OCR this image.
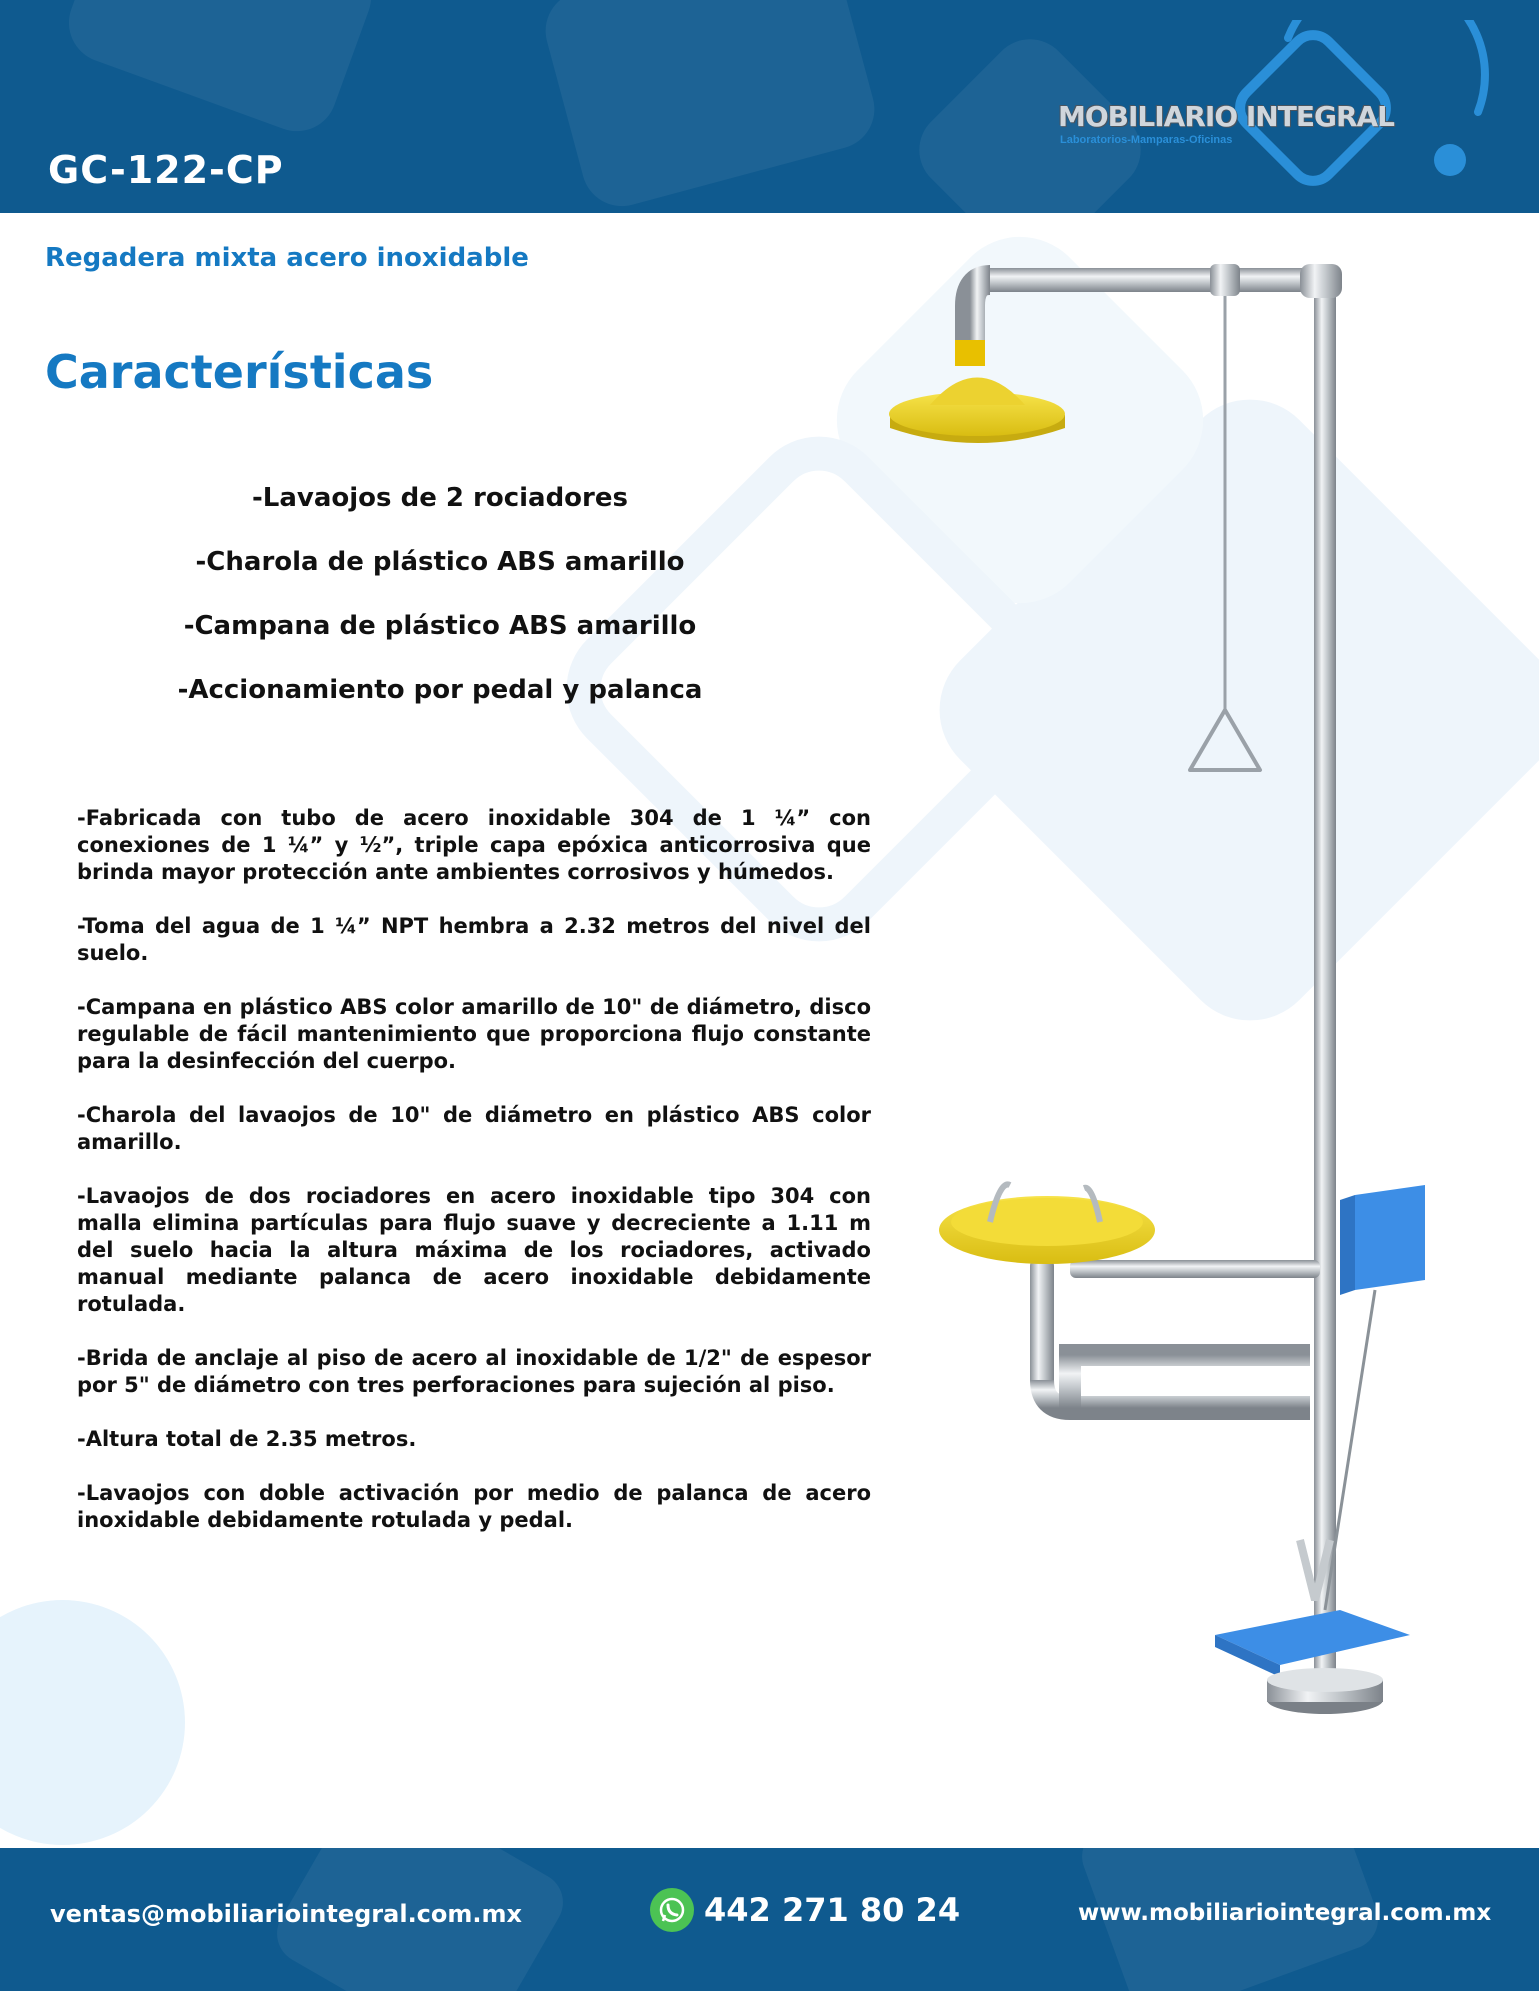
GC-122-CP
MOBILIARIO INTEGRAL
Laboratorios-Mamparas-Oficinas
Regadera mixta acero inoxidable
Características
-Lavaojos de 2 rociadores
-Charola de plástico ABS amarillo
-Campana de plástico ABS amarillo
-Accionamiento por pedal y palanca

-Fabricada con tubo de acero inoxidable 304 de 1 ¼” con conexiones de 1 ¼” y ½”, triple capa epóxica anticorrosiva que brinda mayor protección ante ambientes corrosivos y húmedos.

-Toma del agua de 1 ¼” NPT hembra a 2.32 metros del nivel del suelo.

-Campana en plástico ABS color amarillo de 10" de diámetro, disco regulable de fácil mantenimiento que proporciona flujo constante para la desinfección del cuerpo.

-Charola del lavaojos de 10" de diámetro en plástico ABS color amarillo.

-Lavaojos de dos rociadores en acero inoxidable tipo 304 con malla elimina partículas para flujo suave y decreciente a 1.11 m del suelo hacia la altura máxima de los rociadores, activado manual mediante palanca de acero inoxidable debidamente rotulada.

-Brida de anclaje al piso de acero al inoxidable de 1/2" de espesor por 5" de diámetro con tres perforaciones para sujeción al piso.

-Altura total de 2.35 metros.

-Lavaojos con doble activación por medio de palanca de acero inoxidable debidamente rotulada y pedal.

ventas@mobiliariointegral.com.mx	442 271 80 24	www.mobiliariointegral.com.mx
